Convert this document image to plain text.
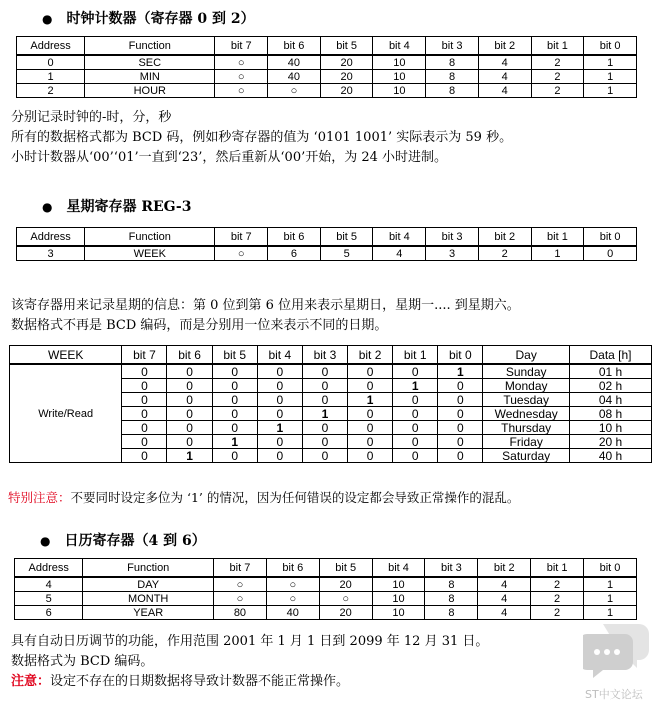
● 时钟计数器（寄存器 0 到 2）
Address	Function	bit 7	bit 6	bit 5	bit 4	bit 3	bit 2	bit 1	bit 0
0	SEC	○	40	20	10	8	4	2	1
1	MIN	○	40	20	10	8	4	2	1
2	HOUR	○	○	20	10	8	4	2	1
分别记录时钟的-时，分，秒
所有的数据格式都为 BCD 码，例如秒寄存器的值为 ‘0101 1001’ 实际表示为 59 秒。
小时计数器从‘00’‘01’一直到‘23’，然后重新从‘00’开始，为 24 小时进制。
● 星期寄存器 REG-3
Address	Function	bit 7	bit 6	bit 5	bit 4	bit 3	bit 2	bit 1	bit 0
3	WEEK	○	6	5	4	3	2	1	0
该寄存器用来记录星期的信息：第 0 位到第 6 位用来表示星期日，星期一.... 到星期六。
数据格式不再是 BCD 编码，而是分别用一位来表示不同的日期。
WEEK	bit 7	bit 6	bit 5	bit 4	bit 3	bit 2	bit 1	bit 0	Day	Data [h]
Write/Read	0	0	0	0	0	0	0	1	Sunday	01 h
	0	0	0	0	0	0	1	0	Monday	02 h
	0	0	0	0	0	1	0	0	Tuesday	04 h
	0	0	0	0	1	0	0	0	Wednesday	08 h
	0	0	0	1	0	0	0	0	Thursday	10 h
	0	0	1	0	0	0	0	0	Friday	20 h
	0	1	0	0	0	0	0	0	Saturday	40 h
特别注意：不要同时设定多位为 ‘1’ 的情况，因为任何错误的设定都会导致正常操作的混乱。
● 日历寄存器（4 到 6）
Address	Function	bit 7	bit 6	bit 5	bit 4	bit 3	bit 2	bit 1	bit 0
4	DAY	○	○	20	10	8	4	2	1
5	MONTH	○	○	○	10	8	4	2	1
6	YEAR	80	40	20	10	8	4	2	1
具有自动日历调节的功能，作用范围 2001 年 1 月 1 日到 2099 年 12 月 31 日。
数据格式为 BCD 编码。
注意：设定不存在的日期数据将导致计数器不能正常操作。
ST中文论坛
